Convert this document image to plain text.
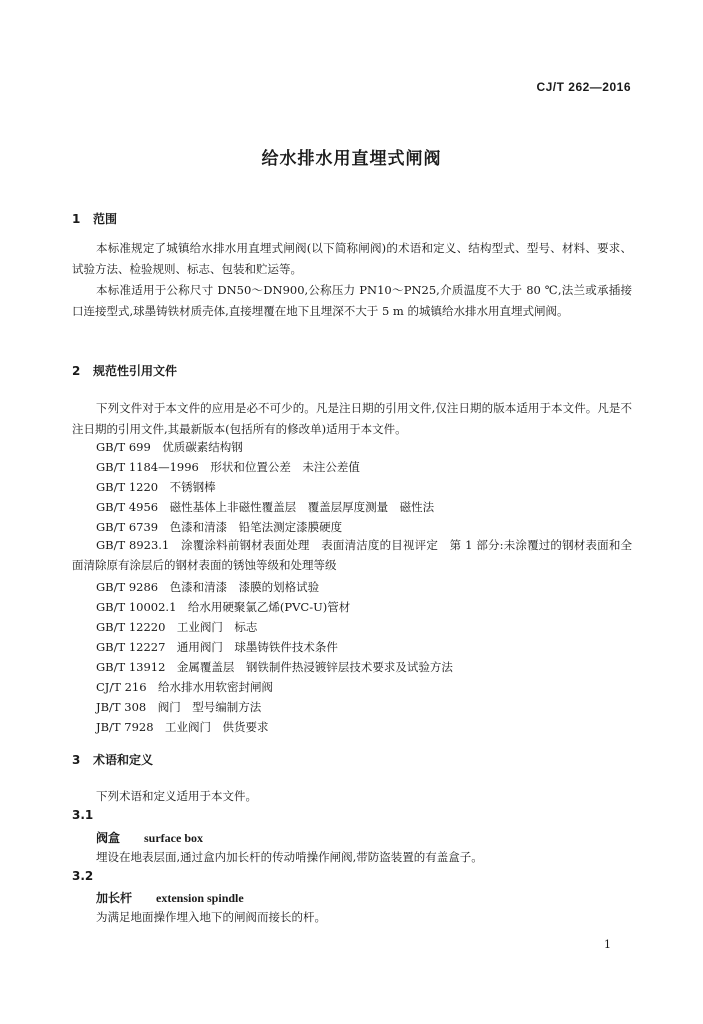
CJ/T 262—2016
给水排水用直埋式闸阀
1 范围

本标准规定了城镇给水排水用直埋式闸阀(以下简称闸阀)的术语和定义、结构型式、型号、材料、要求、试验方法、检验规则、标志、包装和贮运等。

本标准适用于公称尺寸 DN50～DN900,公称压力 PN10～PN25,介质温度不大于 80 ℃,法兰或承插接口连接型式,球墨铸铁材质壳体,直接埋覆在地下且埋深不大于 5 m 的城镇给水排水用直埋式闸阀。

2 规范性引用文件

下列文件对于本文件的应用是必不可少的。凡是注日期的引用文件,仅注日期的版本适用于本文件。凡是不注日期的引用文件,其最新版本(包括所有的修改单)适用于本文件。

GB/T 699　优质碳素结构钢
GB/T 1184—1996　形状和位置公差　未注公差值
GB/T 1220　不锈钢棒
GB/T 4956　磁性基体上非磁性覆盖层　覆盖层厚度测量　磁性法
GB/T 6739　色漆和清漆　铅笔法测定漆膜硬度

GB/T 8923.1　涂覆涂料前钢材表面处理　表面清洁度的目视评定　第 1 部分:未涂覆过的钢材表面和全面清除原有涂层后的钢材表面的锈蚀等级和处理等级

GB/T 9286　色漆和清漆　漆膜的划格试验
GB/T 10002.1　给水用硬聚氯乙烯(PVC-U)管材
GB/T 12220　工业阀门　标志
GB/T 12227　通用阀门　球墨铸铁件技术条件
GB/T 13912　金属覆盖层　钢铁制件热浸镀锌层技术要求及试验方法
CJ/T 216　给水排水用软密封闸阀
JB/T 308　阀门　型号编制方法
JB/T 7928　工业阀门　供货要求
3 术语和定义
下列术语和定义适用于本文件。
3.1
阀盒 surface box
埋设在地表层面,通过盒内加长杆的传动啃操作闸阀,带防盗装置的有盖盒子。
3.2
加长杆 extension spindle
为满足地面操作埋入地下的闸阀而接长的杆。
1
